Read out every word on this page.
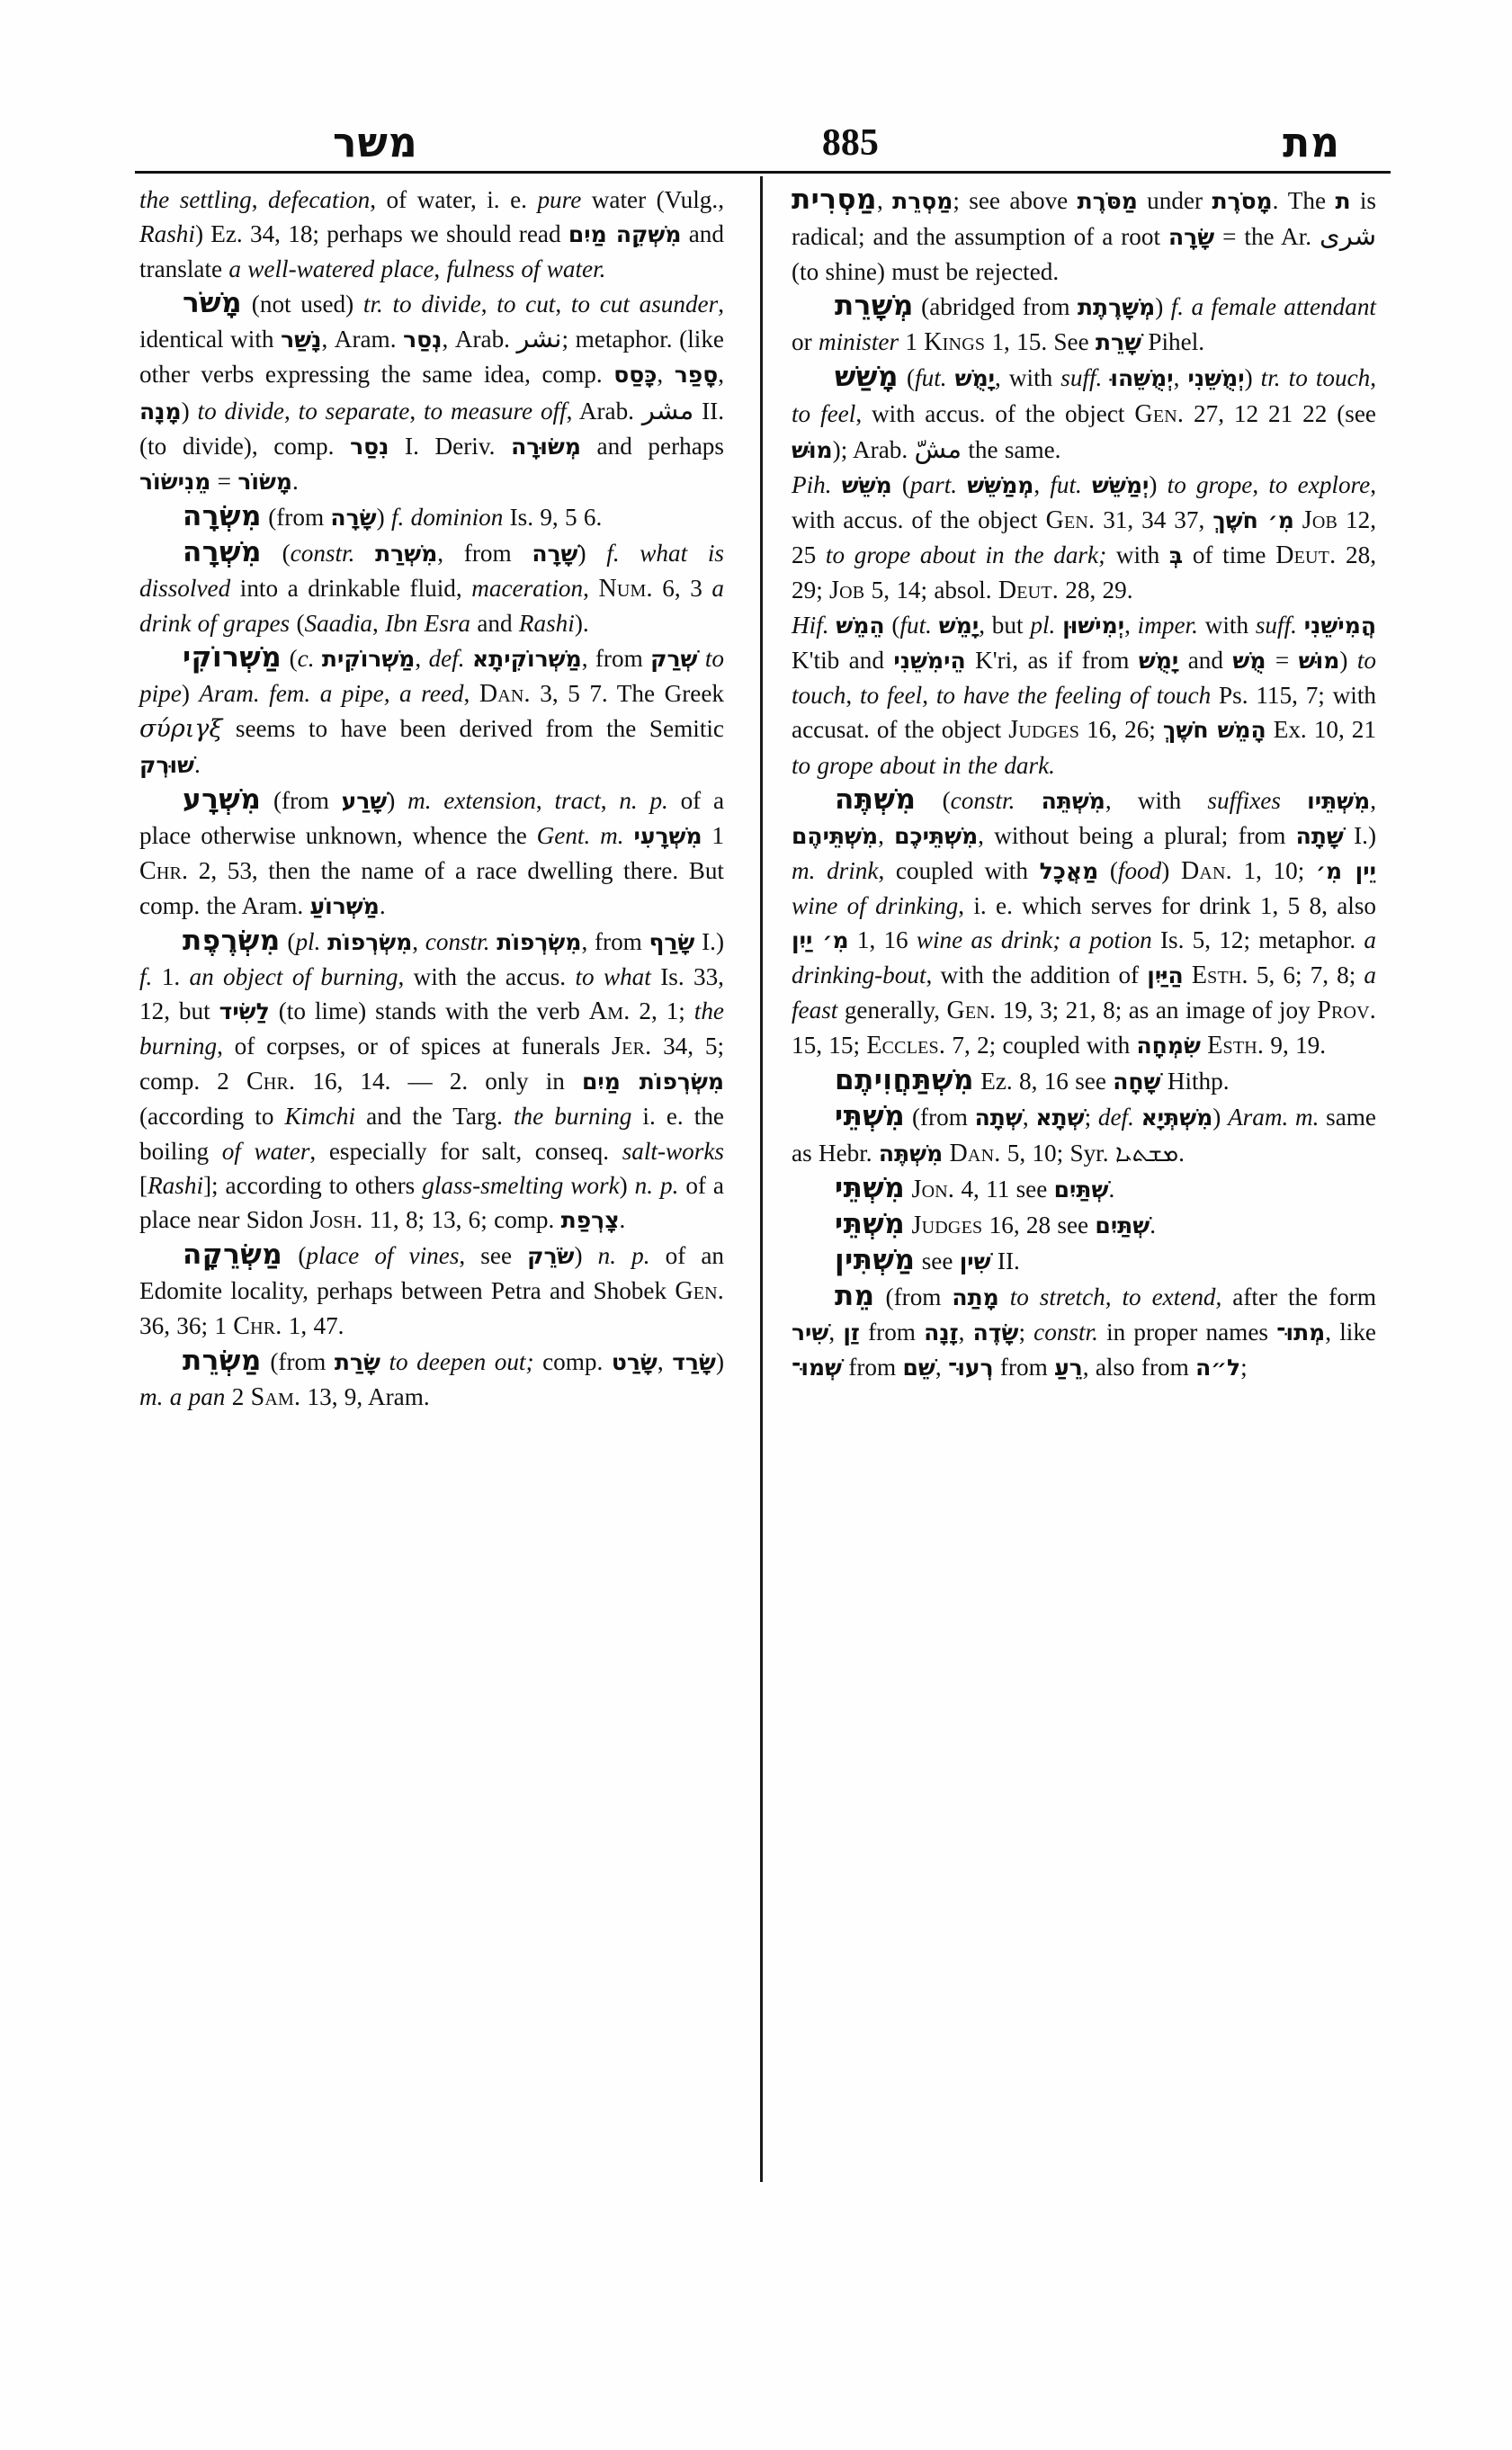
משר	885	מת

the settling, defecation, of water, i. e. pure water (Vulg., Rashi) Ez. 34, 18; perhaps we should read מִשְׁקֵה מַיִם and translate a well-watered place, fulness of water.

מָשֹׁר (not used) tr. to divide, to cut, to cut asunder, identical with נָשַׁר, Aram. נְסַר, Arab. نشر; metaphor. (like other verbs expressing the same idea, comp. כָּסַס, סָפַר, מָנָה) to divide, to separate, to measure off, Arab. مشر II. (to divide), comp. נִסַר I. Deriv. מְשׂוּרָה and perhaps מֵנִישׂוֹר = מָשׂוֹר.

מִשְׂרָה (from שָׂרָה) f. dominion Is. 9, 5 6.

מִשְׁרָה (constr. מִשְׁרַת, from שָׁרָה) f. what is dissolved into a drinkable fluid, maceration, Num. 6, 3 a drink of grapes (Saadia, Ibn Esra and Rashi).

מַשְׁרוֹקִי (c. מַשְׁרוֹקִית, def. מַשְׁרוֹקִיתָא, from שְׁרַק to pipe) Aram. fem. a pipe, a reed, Dan. 3, 5 7. The Greek σύριγξ seems to have been derived from the Semitic שׁוּרְק.

מִשְׁרָע (from שָׁרַע) m. extension, tract, n. p. of a place otherwise unknown, whence the Gent. m. מִשְׁרָעִי 1 Chr. 2, 53, then the name of a race dwelling there. But comp. the Aram. מַשְׁרוֹעַ.

מִשְׂרֶפֶת (pl. מִשְׂרְפוֹת, constr. מִשְׂרְפוֹת, from שָׂרַף I.) f. 1. an object of burning, with the accus. to what Is. 33, 12, but לַשִׂיד (to lime) stands with the verb Am. 2, 1; the burning, of corpses, or of spices at funerals Jer. 34, 5; comp. 2 Chr. 16, 14. — 2. only in מִשְׂרְפוֹת מַיִם (according to Kimchi and the Targ. the burning i. e. the boiling of water, especially for salt, conseq. salt-works [Rashi]; according to others glass-smelting work) n. p. of a place near Sidon Josh. 11, 8; 13, 6; comp. צָרְפַת.

מַשְׂרֵקָה (place of vines, see שֹׂרֵק) n. p. of an Edomite locality, perhaps between Petra and Shobek Gen. 36, 36; 1 Chr. 1, 47.

מַשְׂרֵת (from שָׂרַת to deepen out; comp. שָׂרַט, שָׂרַד) m. a pan 2 Sam. 13, 9, Aram.

מַסְרִית, מַסְרֵת; see above מַסֹּרֶת under מָסֹרֶת. The ת is radical; and the assumption of a root שָׂרָה = the Ar. شرى (to shine) must be rejected.

מְשָׁרֵת (abridged from מְשָׁרֶתֶת) f. a female attendant or minister 1 Kings 1, 15. See שָׁרֵת Pihel.

מָשַׁשׁ (fut. יָמֻשׁ, with suff. יְמֻשֵּׁהוּ, יְמֻשֵּׁנִי) tr. to touch, to feel, with accus. of the object Gen. 27, 12 21 22 (see מוּשׁ); Arab. مشّ the same.

Pih. מִשֵּׁשׁ (part. מְמַשֵּׁשׁ, fut. יְמַשֵּׁשׁ) to grope, to explore, with accus. of the object Gen. 31, 34 37, מִ׳ חֹשֶׁךְ Job 12, 25 to grope about in the dark; with בְּ of time Deut. 28, 29; Job 5, 14; absol. Deut. 28, 29.

Hif. הֵמֵשׁ (fut. יָמֵשׁ, but pl. יְמִישׁוּן, imper. with suff. הֲמִישֵׁנִי K'tib and הֵימִשֵׁנִי K'ri, as if from יָמֻשׁ and מֻשׁ = מוּשׁ) to touch, to feel, to have the feeling of touch Ps. 115, 7; with accusat. of the object Judges 16, 26; הָמֵשׁ חֹשֶׁךְ Ex. 10, 21 to grope about in the dark.

מִשְׁתֶּה (constr. מִשְׁתֵּה, with suffixes מִשְׁתֵּיו, מִשְׁתֵּיהֶם, מִשְׁתֵּיכֶם, without being a plural; from שָׁתָה I.) m. drink, coupled with מַאֲכָל (food) Dan. 1, 10; יֵין מִ׳ wine of drinking, i. e. which serves for drink 1, 5 8, also מִ׳ יַיִן 1, 16 wine as drink; a potion Is. 5, 12; metaphor. a drinking-bout, with the addition of הַיַּיִן Esth. 5, 6; 7, 8; a feast generally, Gen. 19, 3; 21, 8; as an image of joy Prov. 15, 15; Eccles. 7, 2; coupled with שִׂמְחָה Esth. 9, 19.

מִשְׁתַּחֲוִיתֶם Ez. 8, 16 see שָׁחָה Hithp.

מִשְׁתֵּי (from שְׁתָה, שְׁתָא; def. מִשְׁתְּיָא) Aram. m. same as Hebr. מִשְׁתֶּה Dan. 5, 10; Syr. ܡܫܬܝܐ.

מִשְׁתֵּי Jon. 4, 11 see שְׁתַּיִם.

מִשְׁתֵּי Judges 16, 28 see שְׁתַּיִם.

מַשְׁתִּין see שִׁין II.

מֵת (from מָתַה to stretch, to extend, after the form שִׁיר, זַן from זָנָה, שָׂדֶה; constr. in proper names מְתוּ־, like שְׁמוּ־ from שֵׁם, רְעוּ־ from רֵעַ, also from ל״ה;
